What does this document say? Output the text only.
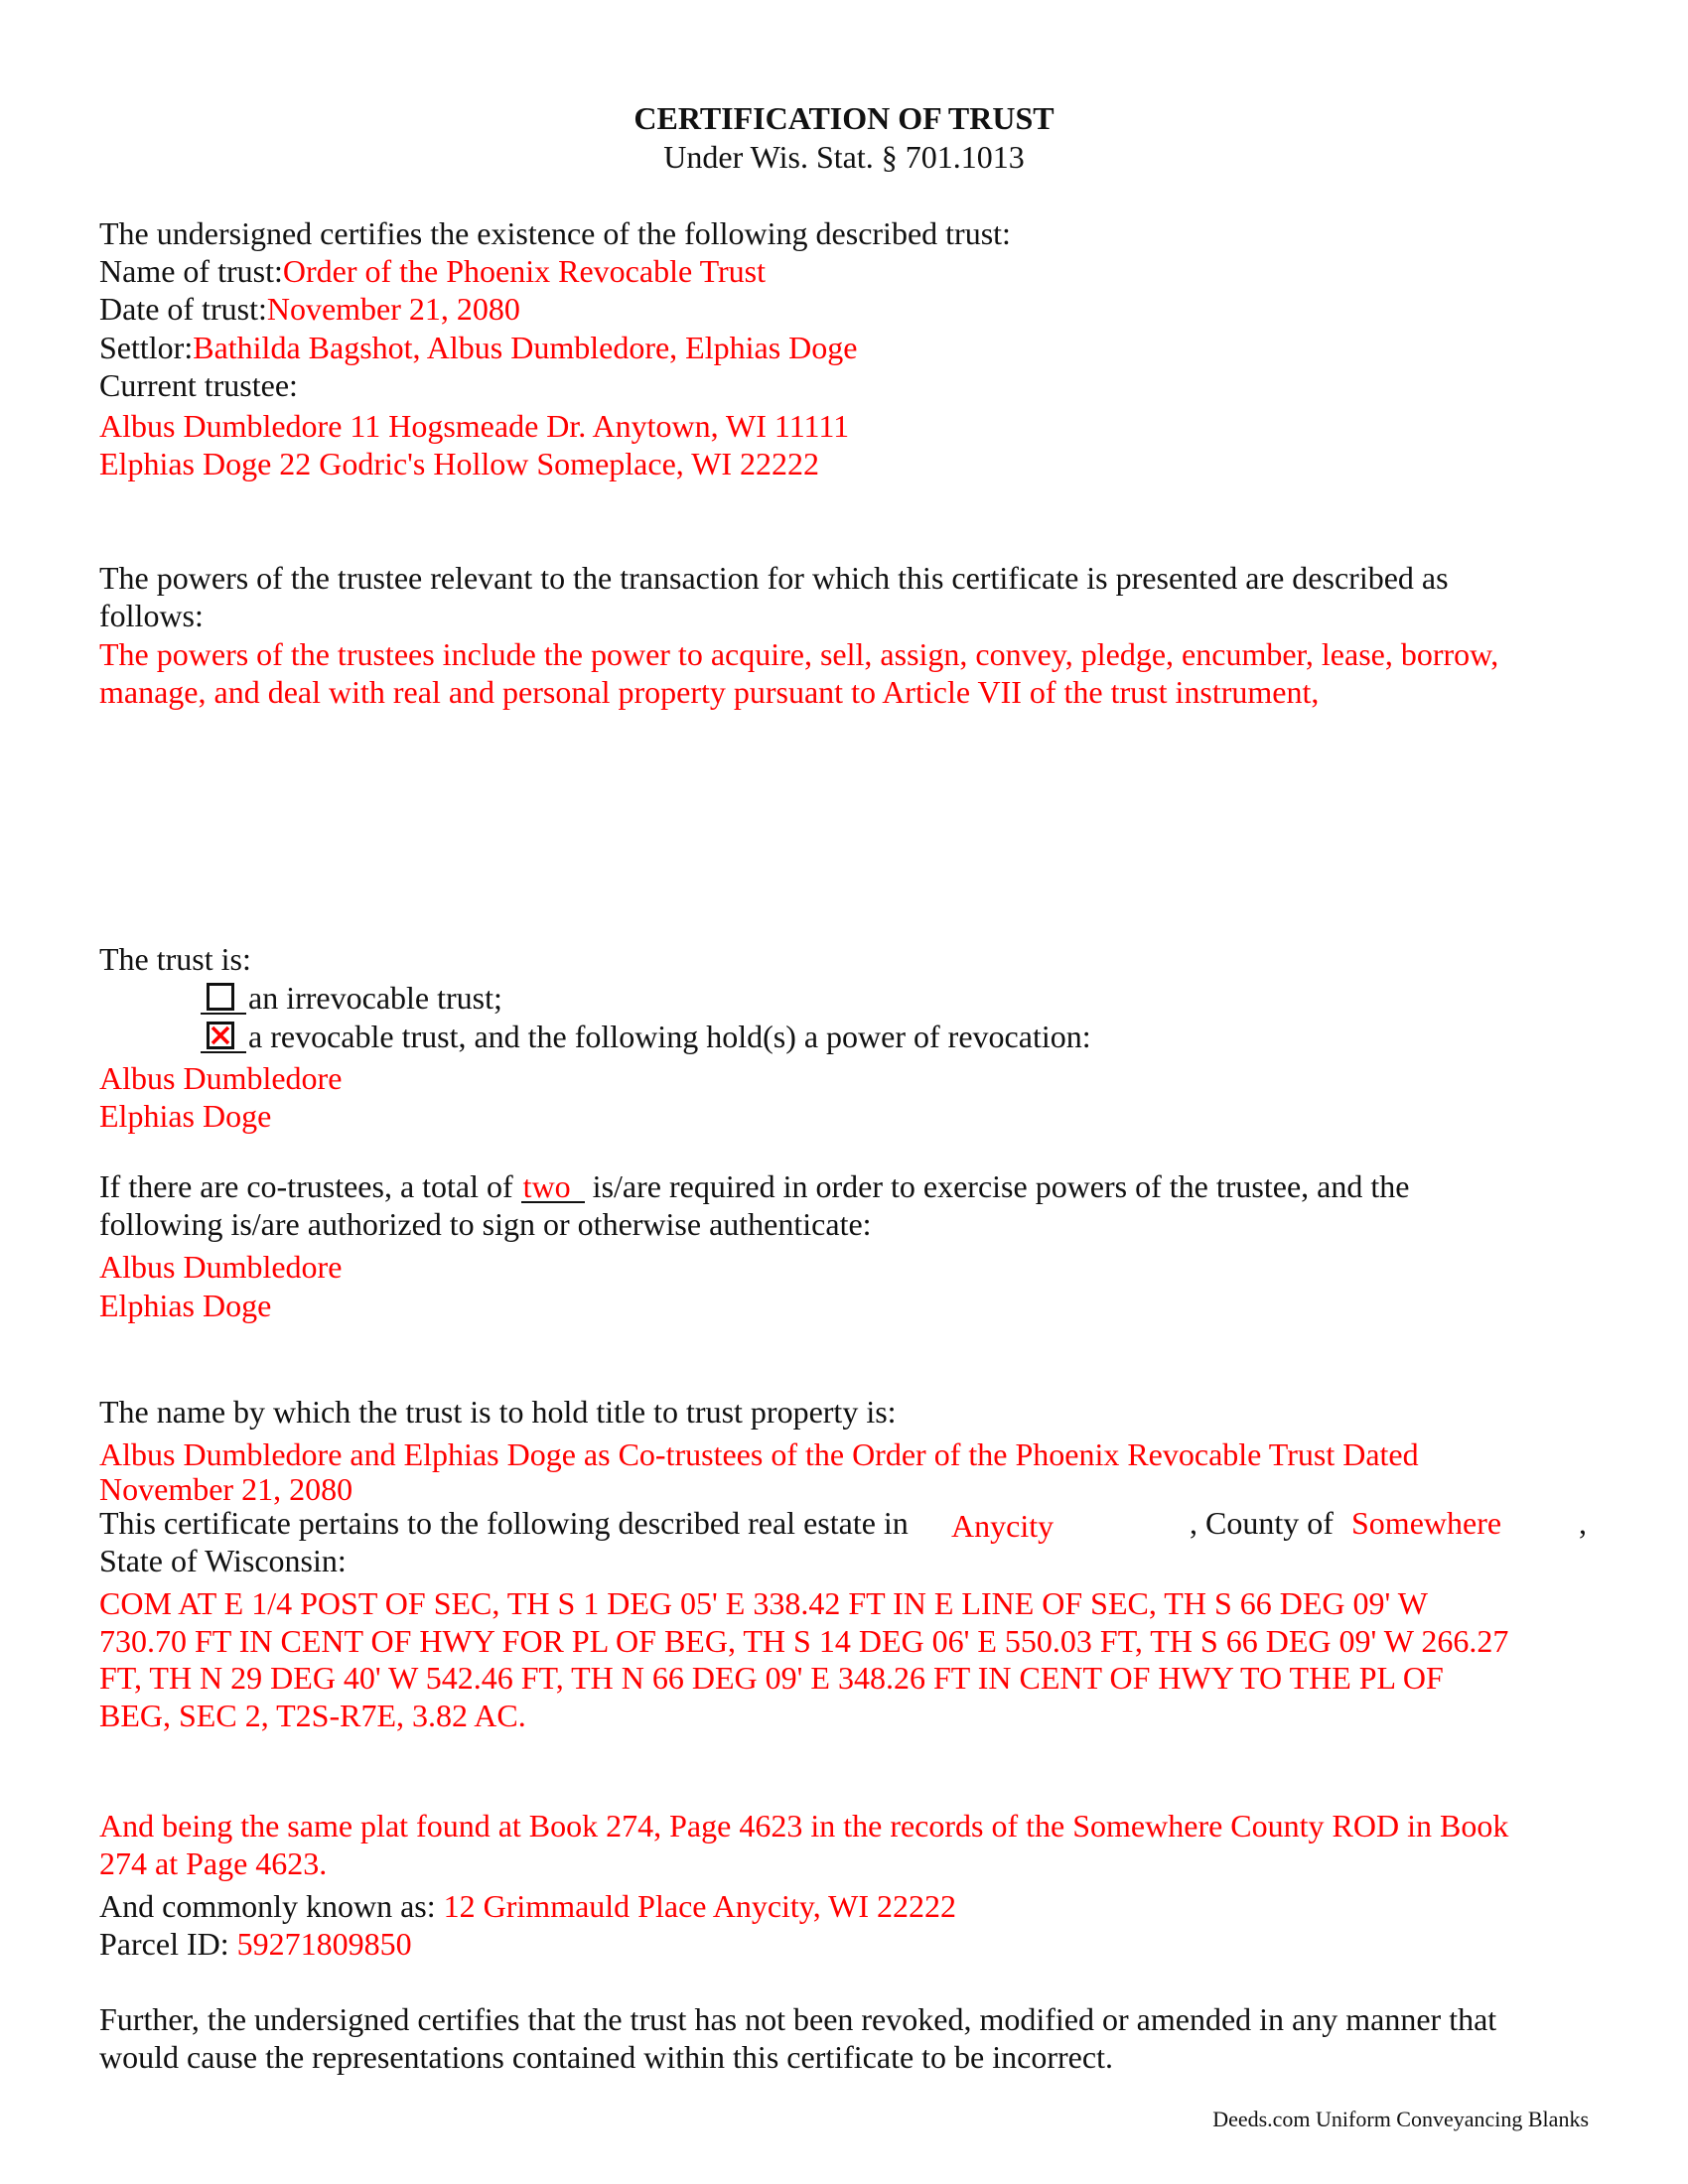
CERTIFICATION OF TRUST
Under Wis. Stat. § 701.1013
The undersigned certifies the existence of the following described trust:
Name of trust:Order of the Phoenix Revocable Trust
Date of trust:November 21, 2080
Settlor:Bathilda Bagshot, Albus Dumbledore, Elphias Doge
Current trustee:
Albus Dumbledore 11 Hogsmeade Dr. Anytown, WI 11111
Elphias Doge 22 Godric's Hollow Someplace, WI 22222
The powers of the trustee relevant to the transaction for which this certificate is presented are described as
follows:
The powers of the trustees include the power to acquire, sell, assign, convey, pledge, encumber, lease, borrow,
manage, and deal with real and personal property pursuant to Article VII of the trust instrument,
The trust is:
an irrevocable trust;
a revocable trust, and the following hold(s) a power of revocation:
Albus Dumbledore
Elphias Doge
If there are co-trustees, a total of two is/are required in order to exercise powers of the trustee, and the
following is/are authorized to sign or otherwise authenticate:
Albus Dumbledore
Elphias Doge
The name by which the trust is to hold title to trust property is:
Albus Dumbledore and Elphias Doge as Co-trustees of the Order of the Phoenix Revocable Trust Dated
November 21, 2080
This certificate pertains to the following described real estate in Anycity	, County of Somewhere ,
State of Wisconsin:
COM AT E 1/4 POST OF SEC, TH S 1 DEG 05' E 338.42 FT IN E LINE OF SEC, TH S 66 DEG 09' W
730.70 FT IN CENT OF HWY FOR PL OF BEG, TH S 14 DEG 06' E 550.03 FT, TH S 66 DEG 09' W 266.27
FT, TH N 29 DEG 40' W 542.46 FT, TH N 66 DEG 09' E 348.26 FT IN CENT OF HWY TO THE PL OF
BEG, SEC 2, T2S-R7E, 3.82 AC.
And being the same plat found at Book 274, Page 4623 in the records of the Somewhere County ROD in Book
274 at Page 4623.
And commonly known as: 12 Grimmauld Place Anycity, WI 22222
Parcel ID: 59271809850
Further, the undersigned certifies that the trust has not been revoked, modified or amended in any manner that
would cause the representations contained within this certificate to be incorrect.
Deeds.com Uniform Conveyancing Blanks
